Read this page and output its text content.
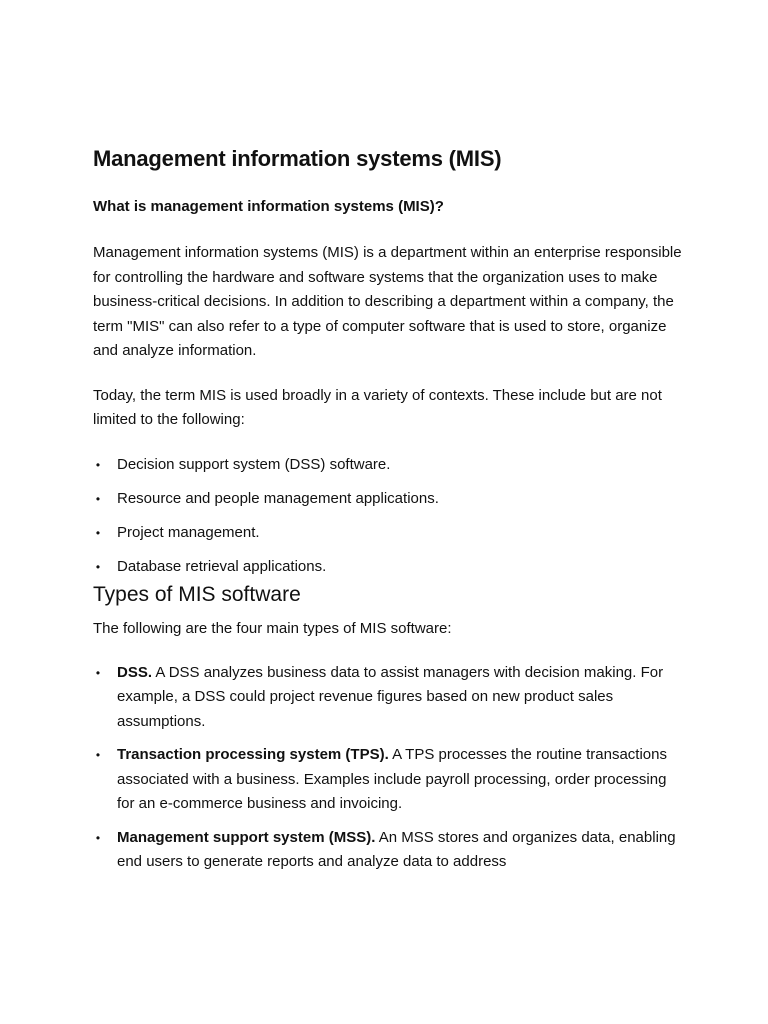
Management information systems (MIS)
What is management information systems (MIS)?

Management information systems (MIS) is a department within an enterprise responsible for controlling the hardware and software systems that the organization uses to make business-critical decisions. In addition to describing a department within a company, the term "MIS" can also refer to a type of computer software that is used to store, organize and analyze information.

Today, the term MIS is used broadly in a variety of contexts. These include but are not limited to the following:

• Decision support system (DSS) software.
• Resource and people management applications.
• Project management.
• Database retrieval applications.
Types of MIS software

The following are the four main types of MIS software:

• DSS. A DSS analyzes business data to assist managers with decision making. For example, a DSS could project revenue figures based on new product sales assumptions.
• Transaction processing system (TPS). A TPS processes the routine transactions associated with a business. Examples include payroll processing, order processing for an e-commerce business and invoicing.
• Management support system (MSS). An MSS stores and organizes data, enabling end users to generate reports and analyze data to address
